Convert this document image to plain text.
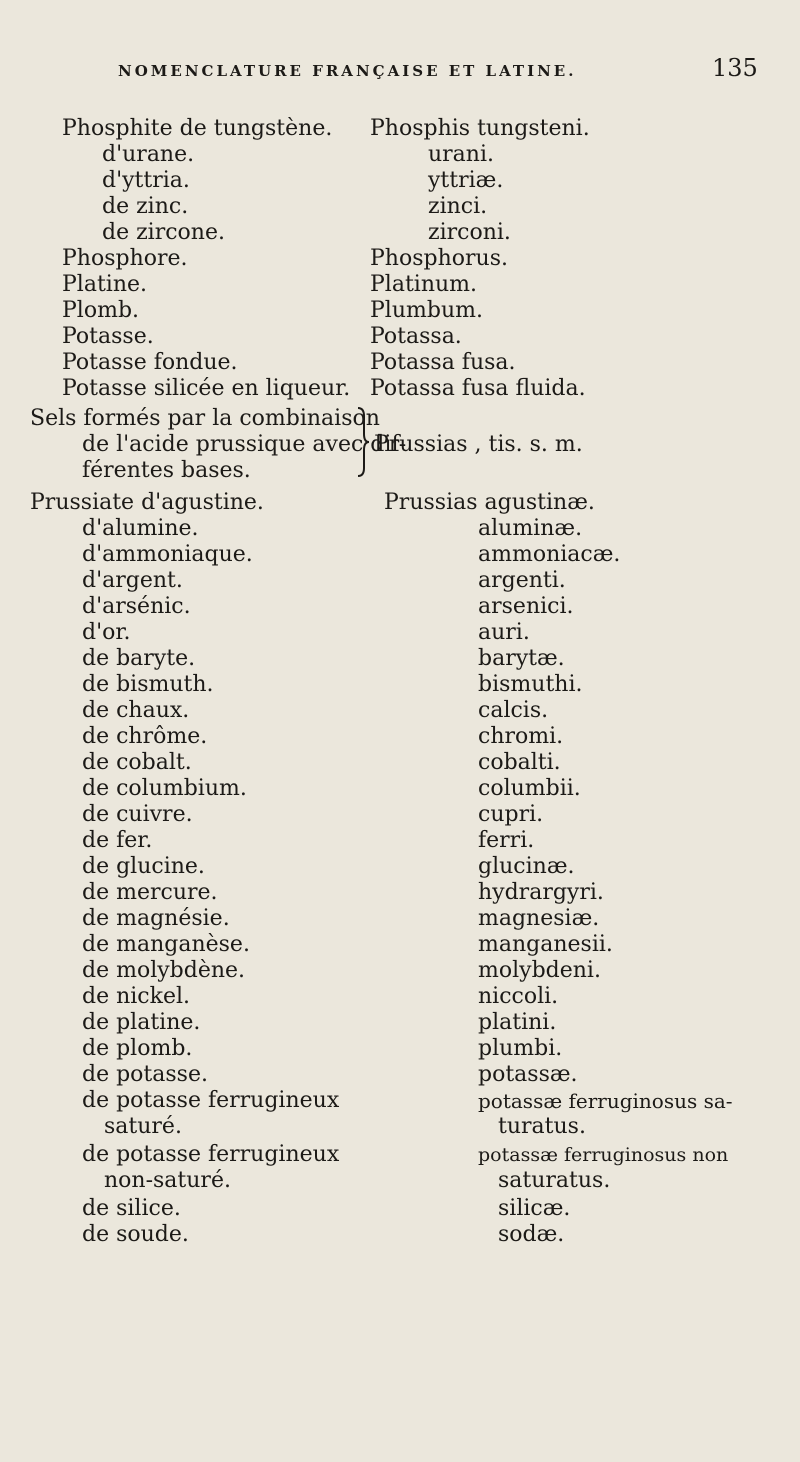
NOMENCLATURE FRANÇAISE ET LATINE.	135
Phosphite de tungstène.
d'urane.
d'yttria.
de zinc.
de zircone.
Phosphore.
Platine.
Plomb.
Potasse.
Potasse fondue.
Potasse silicée en liqueur.
Phosphis tungsteni.
urani.
yttriæ.
zinci.
zirconi.
Phosphorus.
Platinum.
Plumbum.
Potassa.
Potassa fusa.
Potassa fusa fluida.
Sels formés par la combinaison
de l'acide prussique avec dif-
férentes bases.
Prussias , tis. s. m.
Prussiate d'agustine.
d'alumine.
d'ammoniaque.
d'argent.
d'arsénic.
d'or.
de baryte.
de bismuth.
de chaux.
de chrôme.
de cobalt.
de columbium.
de cuivre.
de fer.
de glucine.
de mercure.
de magnésie.
de manganèse.
de molybdène.
de nickel.
de platine.
de plomb.
de potasse.
de potasse ferrugineux
saturé.
de potasse ferrugineux
non-saturé.
de silice.
de soude.
Prussias agustinæ.
aluminæ.
ammoniacæ.
argenti.
arsenici.
auri.
barytæ.
bismuthi.
calcis.
chromi.
cobalti.
columbii.
cupri.
ferri.
glucinæ.
hydrargyri.
magnesiæ.
manganesii.
molybdeni.
niccoli.
platini.
plumbi.
potassæ.
potassæ ferruginosus sa-
turatus.
potassæ ferruginosus non
saturatus.
silicæ.
sodæ.
